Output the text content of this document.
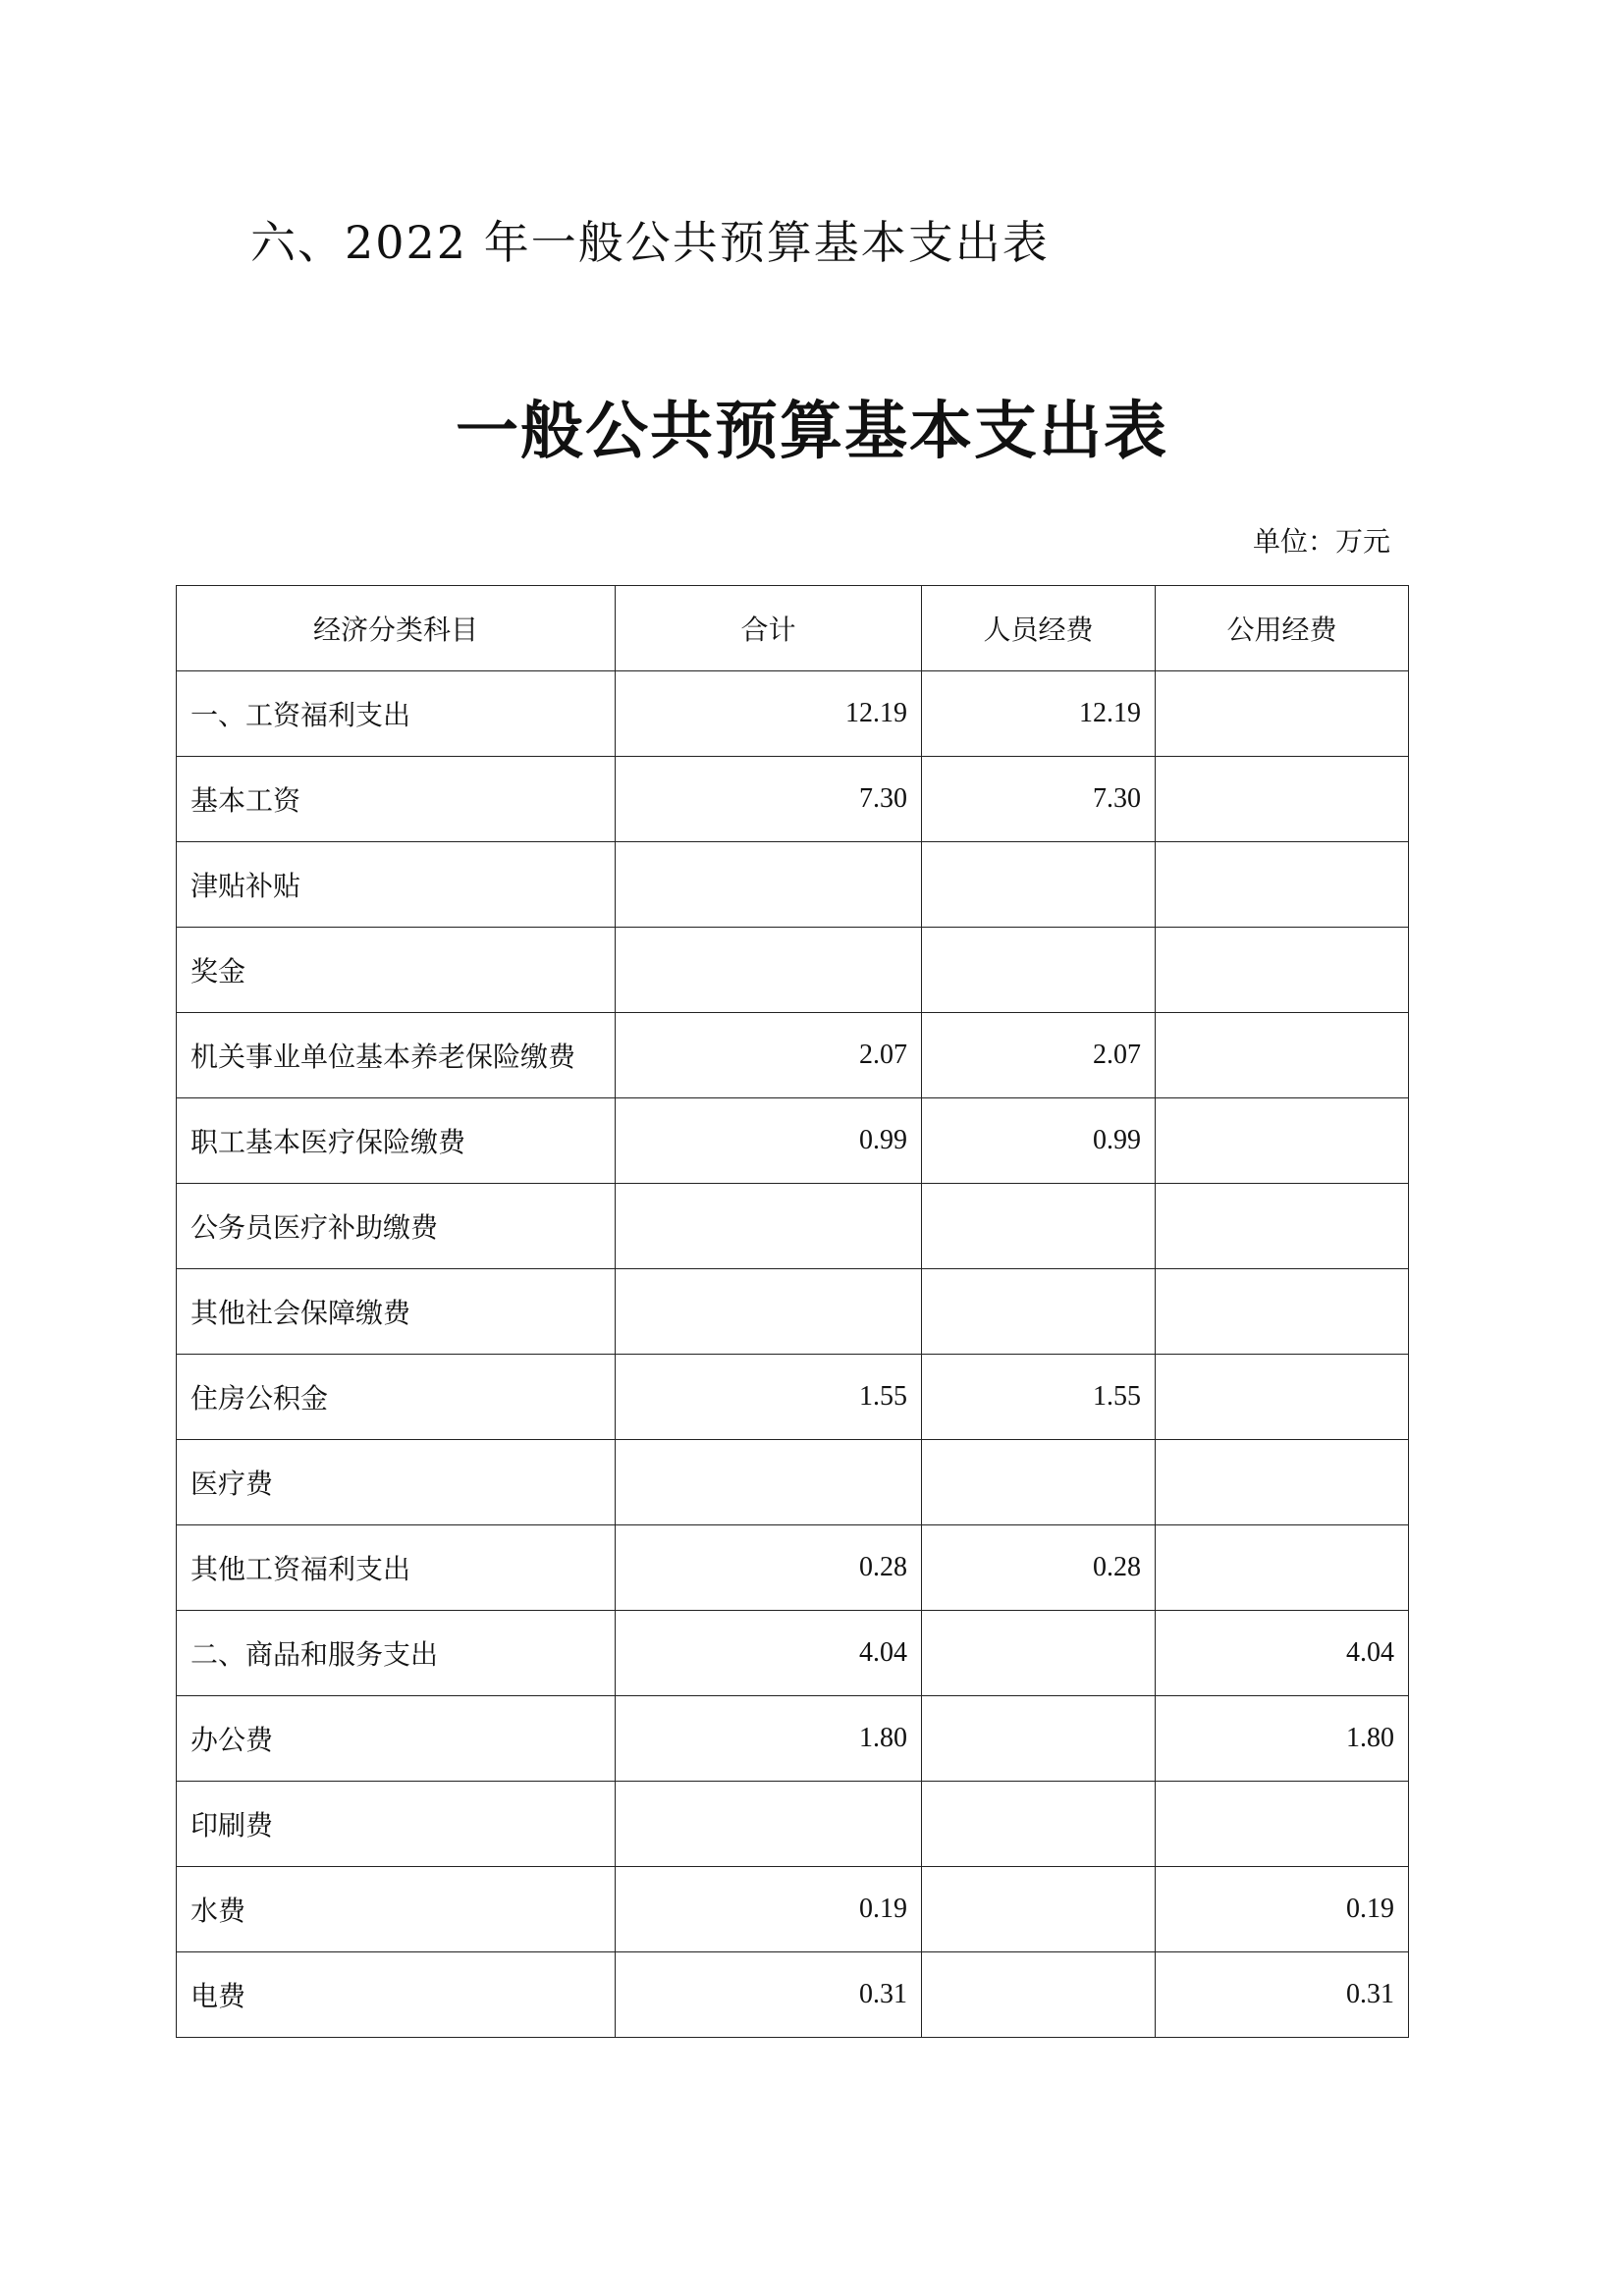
六、2022 年一般公共预算基本支出表
一般公共预算基本支出表
单位：万元
经济分类科目	合计	人员经费	公用经费
一、工资福利支出	12.19	12.19	
基本工资	7.30	7.30	
津贴补贴			
奖金			
机关事业单位基本养老保险缴费	2.07	2.07	
职工基本医疗保险缴费	0.99	0.99	
公务员医疗补助缴费			
其他社会保障缴费			
住房公积金	1.55	1.55	
医疗费			
其他工资福利支出	0.28	0.28	
二、商品和服务支出	4.04		4.04
办公费	1.80		1.80
印刷费			
水费	0.19		0.19
电费	0.31		0.31
